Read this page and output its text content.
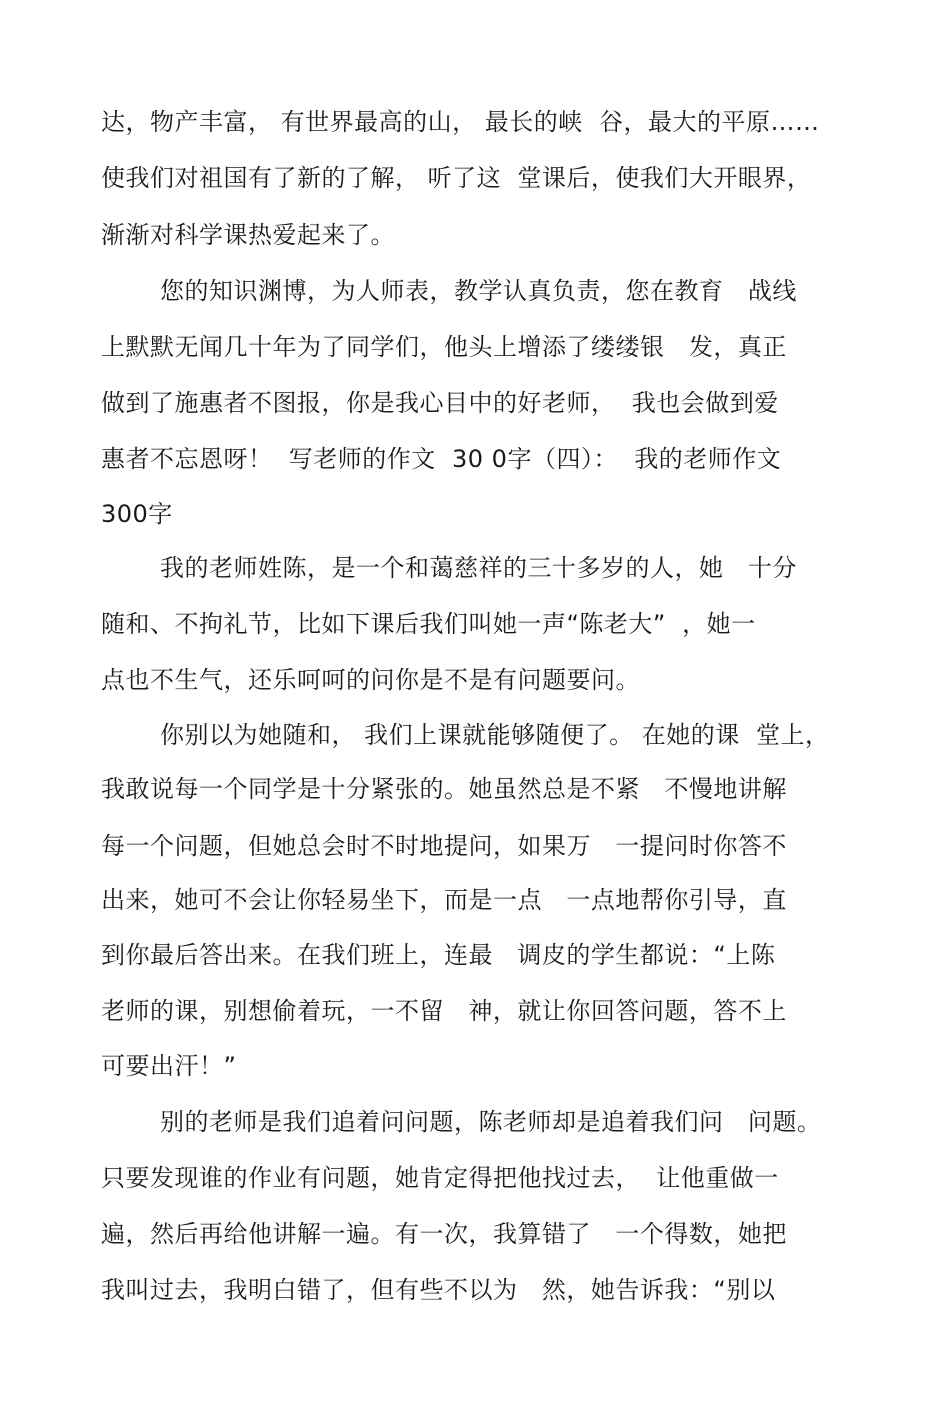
达，物产丰富， 有世界最高的山， 最长的峡  谷，最大的平原……
使我们对祖国有了新的了解， 听了这  堂课后，使我们大开眼界，
渐渐对科学课热爱起来了。
您的知识渊博，为人师表，教学认真负责，您在教育   战线
上默默无闻几十年为了同学们，他头上增添了缕缕银   发，真正
做到了施惠者不图报，你是我心目中的好老师，  我也会做到爱
惠者不忘恩呀！  写老师的作文  30 0字（四）：  我的老师作文
300字
我的老师姓陈，是一个和蔼慈祥的三十多岁的人，她   十分
随和、不拘礼节，比如下课后我们叫她一声“陈老大”  ，她一
点也不生气，还乐呵呵的问你是不是有问题要问。
你别以为她随和， 我们上课就能够随便了。 在她的课  堂上，
我敢说每一个同学是十分紧张的。她虽然总是不紧   不慢地讲解
每一个问题，但她总会时不时地提问，如果万   一提问时你答不
出来，她可不会让你轻易坐下，而是一点   一点地帮你引导，直
到你最后答出来。在我们班上，连最   调皮的学生都说：“上陈
老师的课，别想偷着玩，一不留   神，就让你回答问题，答不上
可要出汗！”
别的老师是我们追着问问题，陈老师却是追着我们问   问题。
只要发现谁的作业有问题，她肯定得把他找过去，  让他重做一
遍，然后再给他讲解一遍。有一次，我算错了   一个得数，她把
我叫过去，我明白错了，但有些不以为   然，她告诉我：“别以
